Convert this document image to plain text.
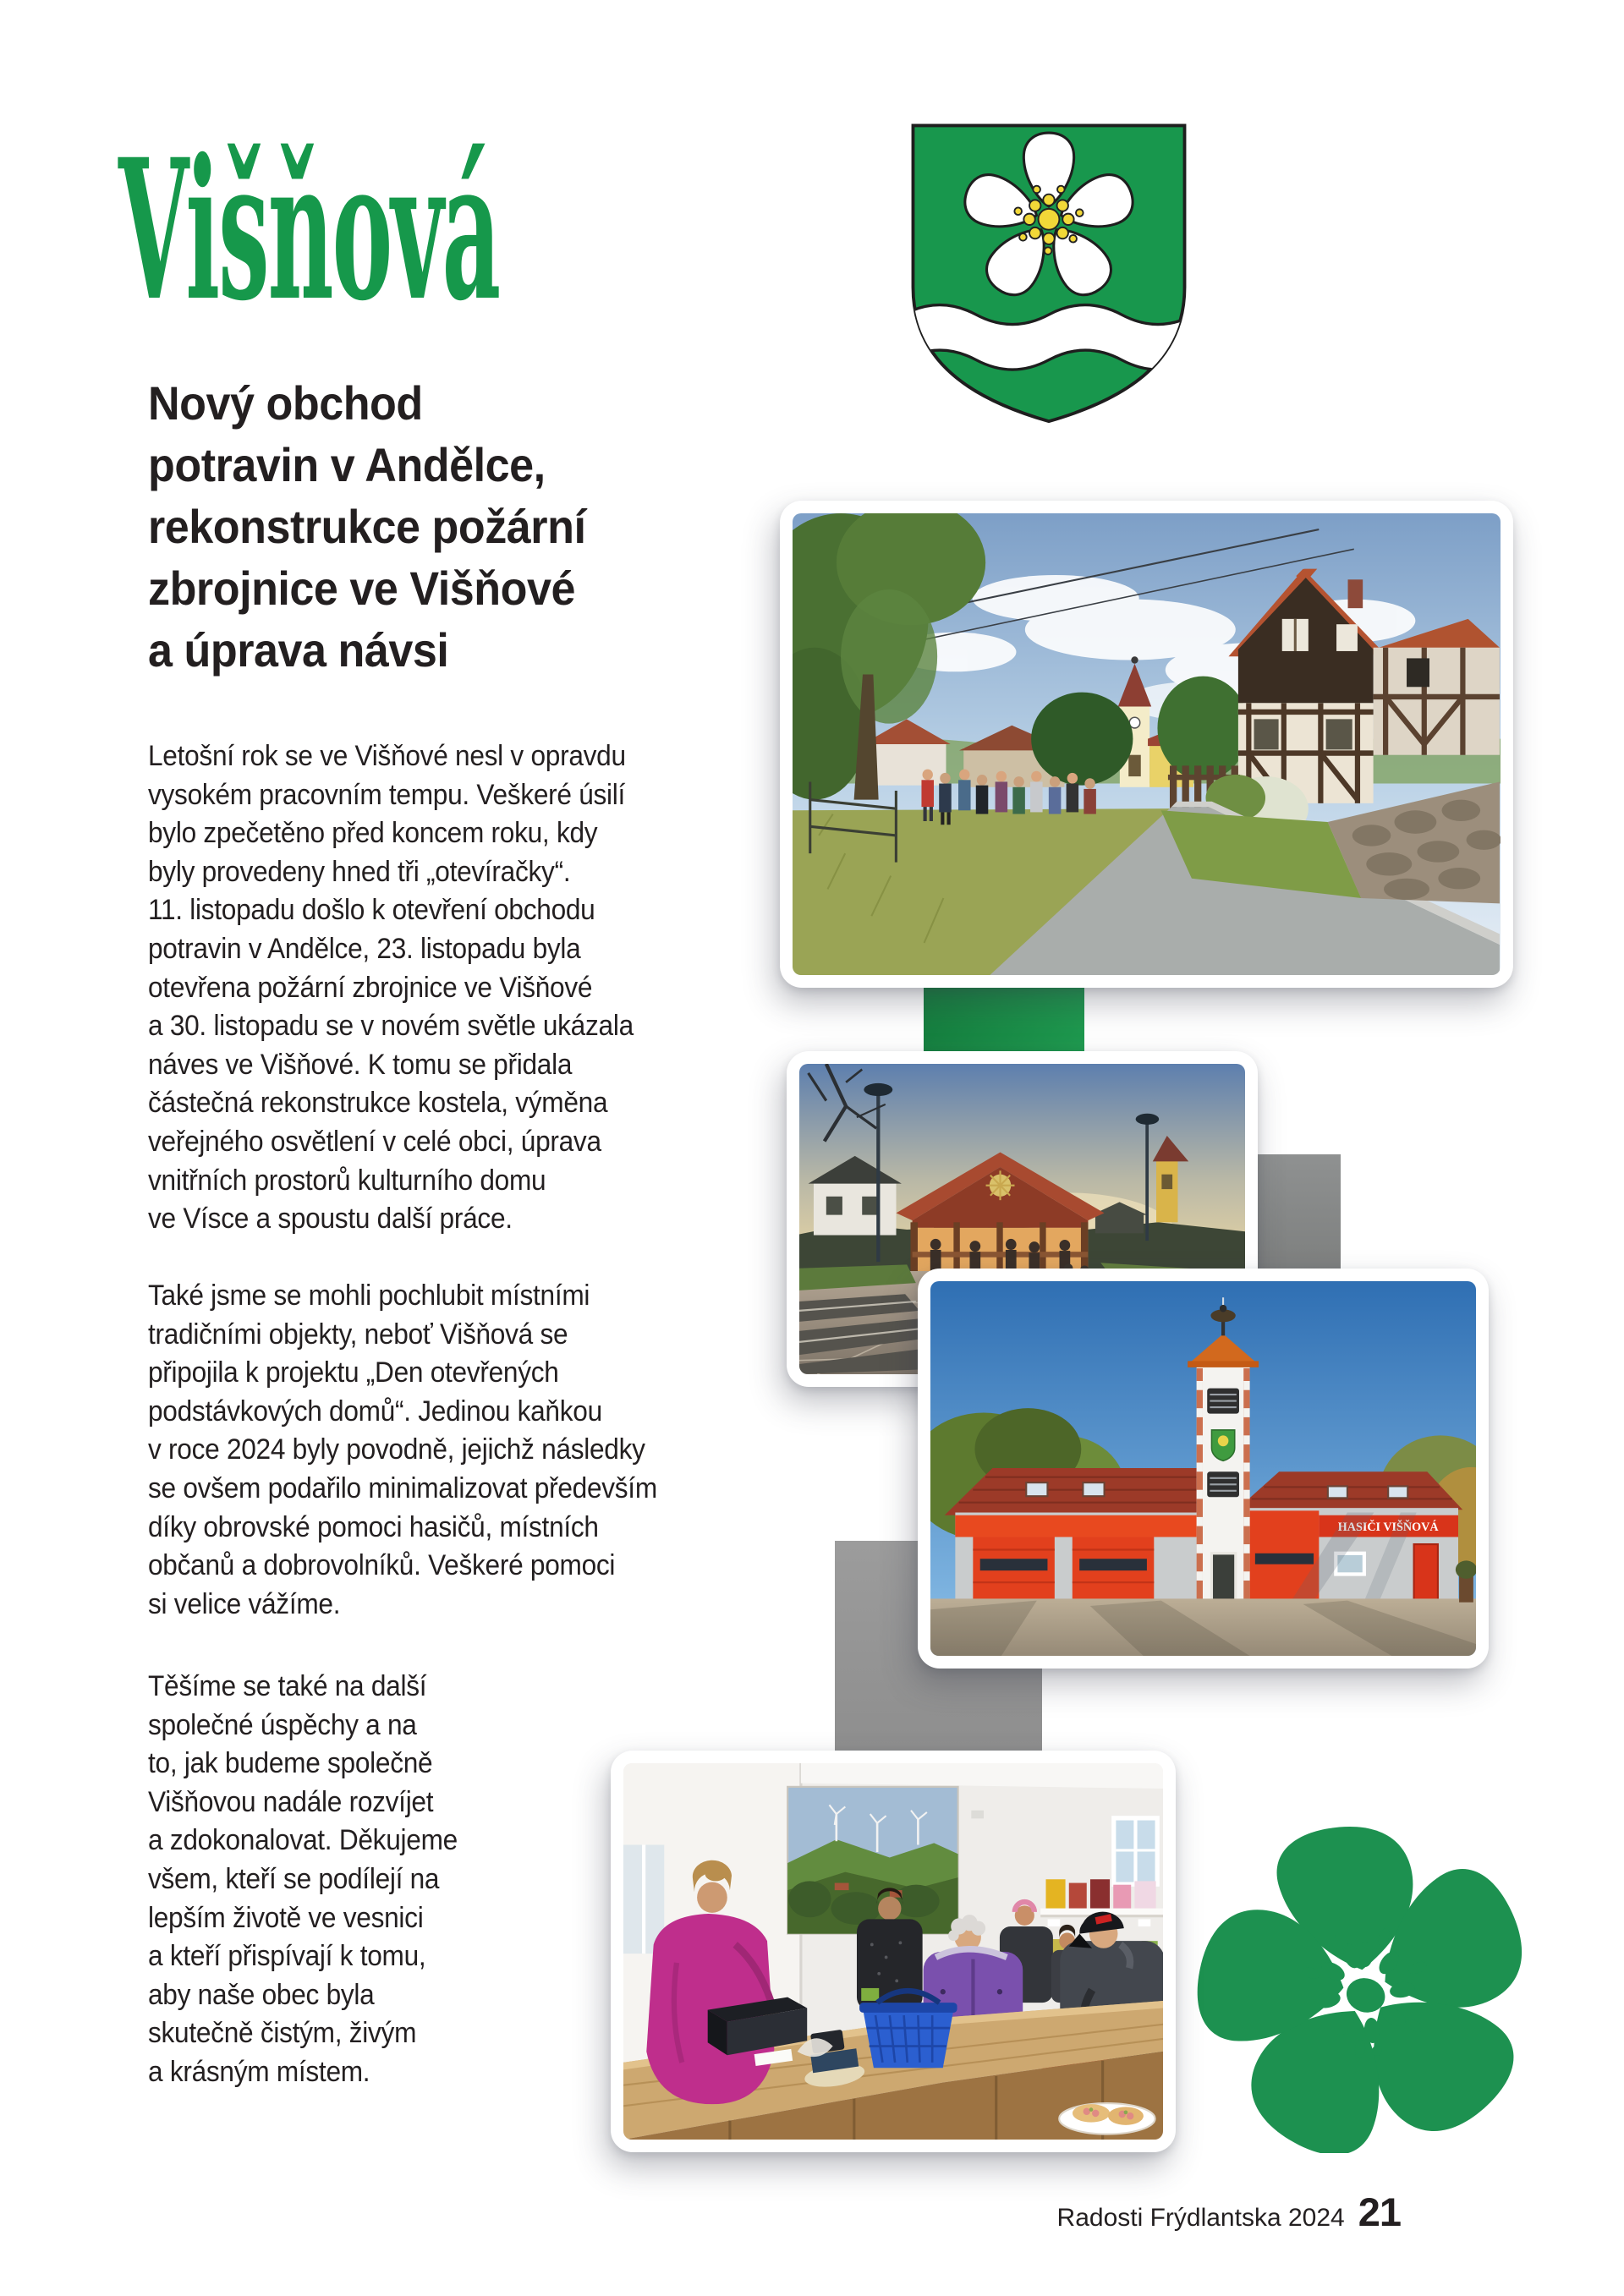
Višňová
Nový obchod
potravin v Andělce,
rekonstrukce požární
zbrojnice ve Višňové
a úprava návsi
Letošní rok se ve Višňové nesl v opravdu
vysokém pracovním tempu. Veškeré úsilí
bylo zpečetěno před koncem roku, kdy
byly provedeny hned tři „otevíračky“.
11. listopadu došlo k otevření obchodu
potravin v Andělce, 23. listopadu byla
otevřena požární zbrojnice ve Višňové
a 30. listopadu se v novém světle ukázala
náves ve Višňové. K tomu se přidala
částečná rekonstrukce kostela, výměna
veřejného osvětlení v celé obci, úprava
vnitřních prostorů kulturního domu
ve Vísce a spoustu další práce.
Také jsme se mohli pochlubit místními
tradičními objekty, neboť Višňová se
připojila k projektu „Den otevřených
podstávkových domů“. Jedinou kaňkou
v roce 2024 byly povodně, jejichž následky
se ovšem podařilo minimalizovat především
díky obrovské pomoci hasičů, místních
občanů a dobrovolníků. Veškeré pomoci
si velice vážíme.
Těšíme se také na další
společné úspěchy a na
to, jak budeme společně
Višňovou nadále rozvíjet
a zdokonalovat. Děkujeme
všem, kteří se podílejí na
lepším životě ve vesnici
a kteří přispívají k tomu,
aby naše obec byla
skutečně čistým, živým
a krásným místem.
HASIČI VIŠŇOVÁ
Radosti Frýdlantska 2024 21
